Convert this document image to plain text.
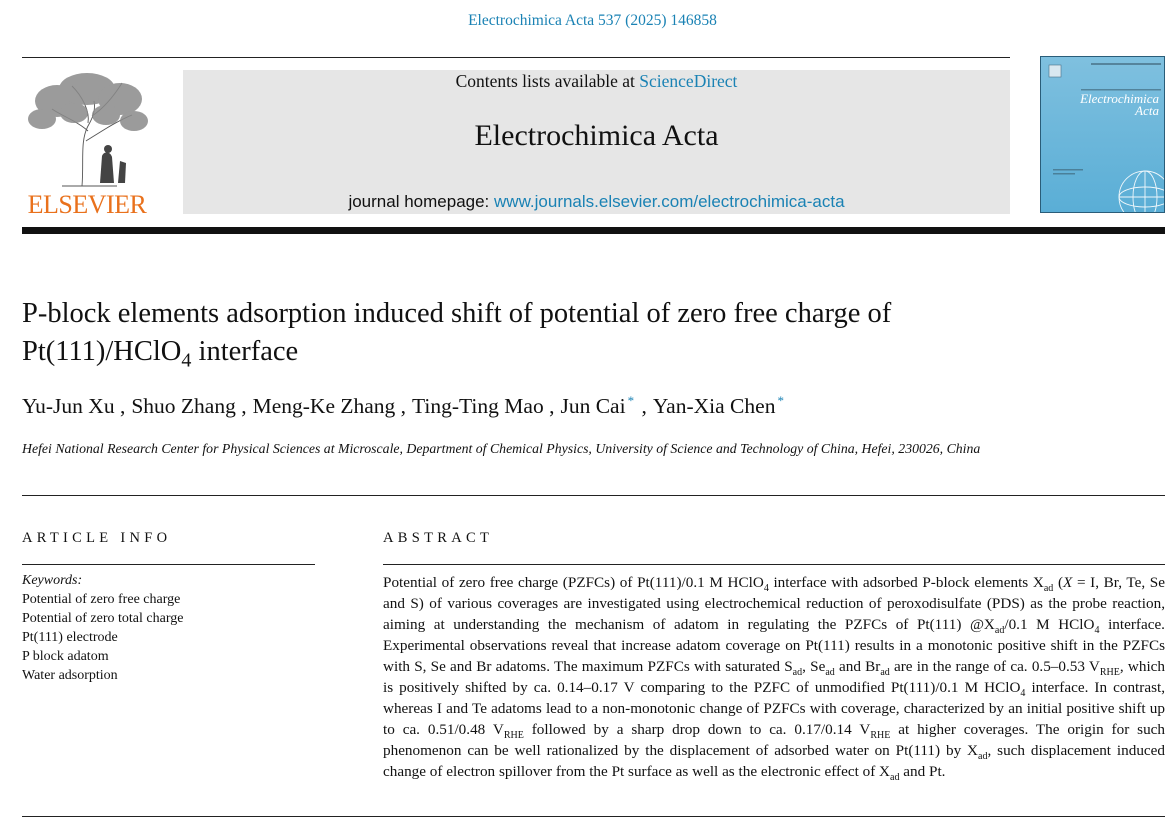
Electrochimica Acta 537 (2025) 146858
ELSEVIER
Contents lists available at ScienceDirect
Electrochimica Acta
journal homepage: www.journals.elsevier.com/electrochimica-acta
Electrochimica
Acta
P-block elements adsorption induced shift of potential of zero free charge of
Pt(111)/HClO$_4$ interface
Yu-Jun Xu , Shuo Zhang , Meng-Ke Zhang , Ting-Ting Mao , Jun Cai * , Yan-Xia Chen *
Hefei National Research Center for Physical Sciences at Microscale, Department of Chemical Physics, University of Science and Technology of China, Hefei, 230026, China
ARTICLE INFO
Keywords:
Potential of zero free charge
Potential of zero total charge
Pt(111) electrode
P block adatom
Water adsorption
ABSTRACT
Potential of zero free charge (PZFCs) of Pt(111)/0.1 M HClO$_4$ interface with adsorbed P-block elements $X_{ad}$ (X = I, Br, Te, Se and S) of various coverages are investigated using electrochemical reduction of peroxodisulfate (PDS) as the probe reaction, aiming at understanding the mechanism of adatom in regulating the PZFCs of Pt(111) $@X_{ad}/0.1$ M HClO$_4$ interface. Experimental observations reveal that increase adatom coverage on Pt(111) results in a monotonic positive shift in the PZFCs with S, Se and Br adatoms. The maximum PZFCs with saturated $S_{ad}$, $Se_{ad}$ and $Br_{ad}$ are in the range of ca. 0.5–0.53 $V_{RHE}$, which is positively shifted by ca. 0.14–0.17 V comparing to the PZFC of unmodified Pt(111)/0.1 M HClO$_4$ interface. In contrast, whereas I and Te adatoms lead to a non-monotonic change of PZFCs with coverage, characterized by an initial positive shift up to ca. 0.51/0.48 $V_{RHE}$ followed by a sharp drop down to ca. 0.17/0.14 $V_{RHE}$ at higher coverages. The origin for such phenomenon can be well rationalized by the displacement of adsorbed water on Pt(111) by $X_{ad}$, such displacement induced change of electron spillover from the Pt surface as well as the electronic effect of $X_{ad}$ and Pt.
